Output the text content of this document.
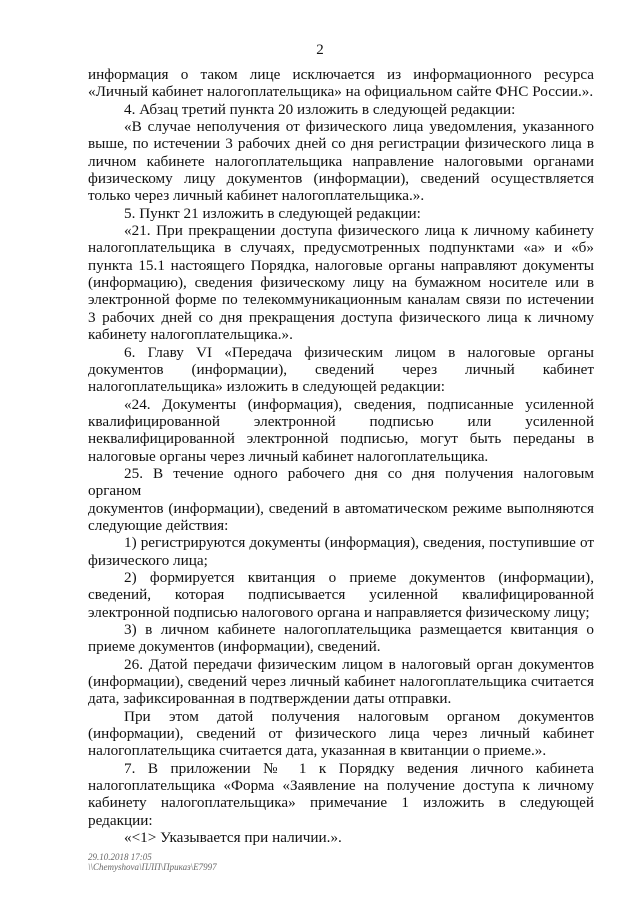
2

информация о таком лице исключается из информационного ресурса

«Личный кабинет налогоплательщика» на официальном сайте ФНС России.».

4. Абзац третий пункта 20 изложить в следующей редакции:

«В случае неполучения от физического лица уведомления, указанного

выше, по истечении 3 рабочих дней со дня регистрации физического лица в

личном кабинете налогоплательщика направление налоговыми органами

физическому лицу документов (информации), сведений осуществляется

только через личный кабинет налогоплательщика.».

5. Пункт 21 изложить в следующей редакции:

«21. При прекращении доступа физического лица к личному кабинету

налогоплательщика в случаях, предусмотренных подпунктами «а» и «б»

пункта 15.1 настоящего Порядка, налоговые органы направляют документы

(информацию), сведения физическому лицу на бумажном носителе или в

электронной форме по телекоммуникационным каналам связи по истечении

3 рабочих дней со дня прекращения доступа физического лица к личному

кабинету налогоплательщика.».

6. Главу VI «Передача физическим лицом в налоговые органы

документов (информации), сведений через личный кабинет

налогоплательщика» изложить в следующей редакции:

«24. Документы (информация), сведения, подписанные усиленной

квалифицированной электронной подписью или усиленной

неквалифицированной электронной подписью, могут быть переданы в

налоговые органы через личный кабинет налогоплательщика.

25. В течение одного рабочего дня со дня получения налоговым органом

документов (информации), сведений в автоматическом режиме выполняются

следующие действия:

1) регистрируются документы (информация), сведения, поступившие от

физического лица;

2) формируется квитанция о приеме документов (информации),

сведений, которая подписывается усиленной квалифицированной

электронной подписью налогового органа и направляется физическому лицу;

3) в личном кабинете налогоплательщика размещается квитанция о

приеме документов (информации), сведений.

26. Датой передачи физическим лицом в налоговый орган документов

(информации), сведений через личный кабинет налогоплательщика считается

дата, зафиксированная в подтверждении даты отправки.

При этом датой получения налоговым органом документов

(информации), сведений от физического лица через личный кабинет

налогоплательщика считается дата, указанная в квитанции о приеме.».

7. В приложении № 1 к Порядку ведения личного кабинета

налогоплательщика «Форма «Заявление на получение доступа к личному

кабинету налогоплательщика» примечание 1 изложить в следующей

редакции:

«<1> Указывается при наличии.».

29.10.2018 17:05
\\Chemyshova\ПЛП\Приказ\Е7997
